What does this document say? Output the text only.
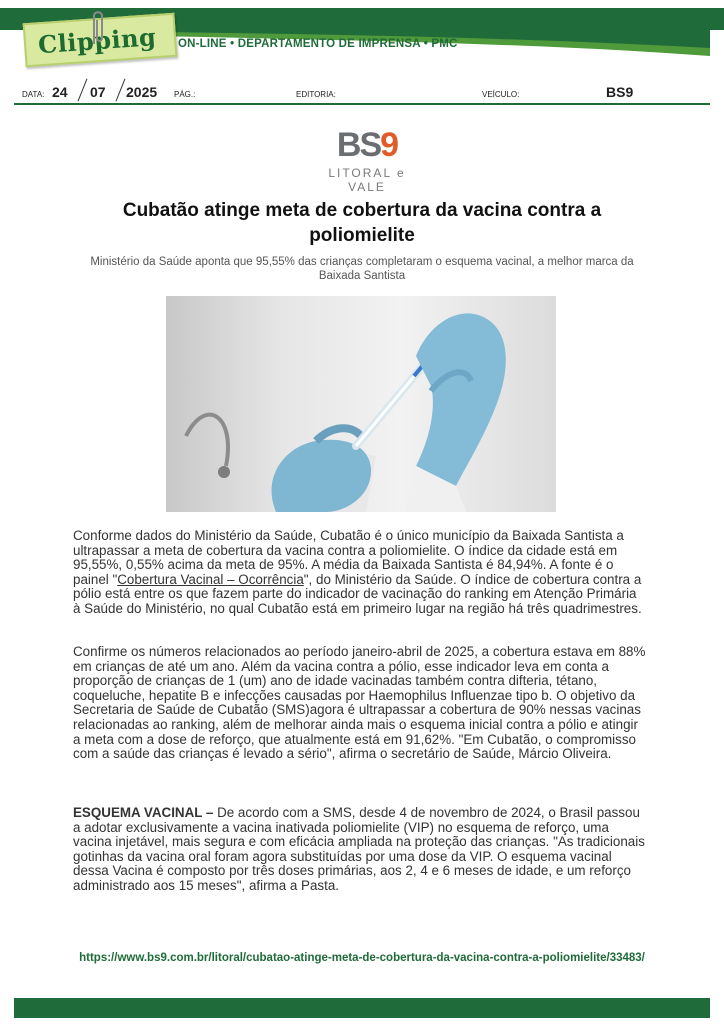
Clipping ON-LINE • DEPARTAMENTO DE IMPRENSA • PMC
DATA: 24 07 2025 PÁG.:	EDITORIA:	VEÍCULO:	BS9
BS9
LITORAL e VALE
Cubatão atinge meta de cobertura da vacina contra a poliomielite

Ministério da Saúde aponta que 95,55% das crianças completaram o esquema vacinal, a melhor marca da Baixada Santista

Conforme dados do Ministério da Saúde, Cubatão é o único município da Baixada Santista a ultrapassar a meta de cobertura da vacina contra a poliomielite. O índice da cidade está em 95,55%, 0,55% acima da meta de 95%. A média da Baixada Santista é 84,94%. A fonte é o painel "Cobertura Vacinal – Ocorrência", do Ministério da Saúde. O índice de cobertura contra a pólio está entre os que fazem parte do indicador de vacinação do ranking em Atenção Primária à Saúde do Ministério, no qual Cubatão está em primeiro lugar na região há três quadrimestres.
Confirme os números relacionados ao período janeiro-abril de 2025, a cobertura estava em 88% em crianças de até um ano. Além da vacina contra a pólio, esse indicador leva em conta a proporção de crianças de 1 (um) ano de idade vacinadas também contra difteria, tétano, coqueluche, hepatite B e infecções causadas por Haemophilus Influenzae tipo b. O objetivo da Secretaria de Saúde de Cubatão (SMS)agora é ultrapassar a cobertura de 90% nessas vacinas relacionadas ao ranking, além de melhorar ainda mais o esquema inicial contra a pólio e atingir a meta com a dose de reforço, que atualmente está em 91,62%. "Em Cubatão, o compromisso com a saúde das crianças é levado a sério", afirma o secretário de Saúde, Márcio Oliveira.
ESQUEMA VACINAL – De acordo com a SMS, desde 4 de novembro de 2024, o Brasil passou a adotar exclusivamente a vacina inativada poliomielite (VIP) no esquema de reforço, uma vacina injetável, mais segura e com eficácia ampliada na proteção das crianças. "As tradicionais gotinhas da vacina oral foram agora substituídas por uma dose da VIP. O esquema vacinal dessa Vacina é composto por três doses primárias, aos 2, 4 e 6 meses de idade, e um reforço administrado aos 15 meses", afirma a Pasta.
https://www.bs9.com.br/litoral/cubatao-atinge-meta-de-cobertura-da-vacina-contra-a-poliomielite/33483/
